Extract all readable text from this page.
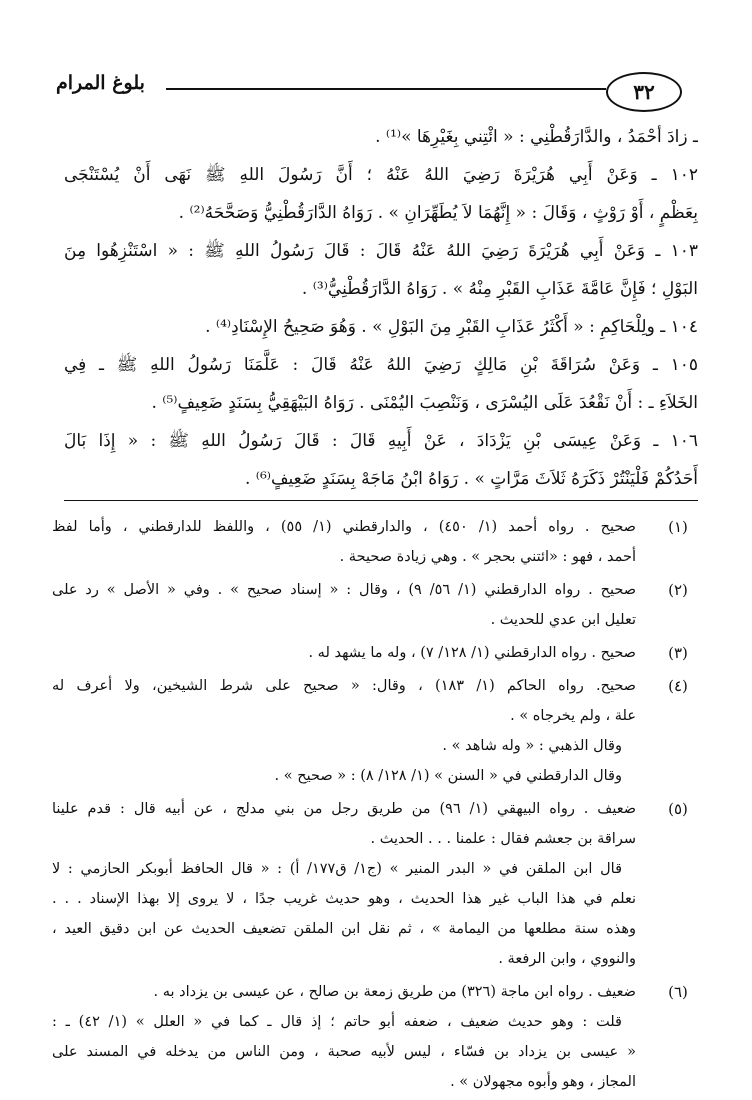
٣٢
بلوغ المرام
ـ زادَ أحْمَدُ ، والدَّارَقُطْنِي : « ائْتِني بِغَيْرِهَا »⁽¹⁾ .
١٠٢ ـ وَعَنْ أَبِي هُرَيْرَةَ رَضِيَ اللهُ عَنْهُ ؛ أَنَّ رَسُولَ اللهِ ﷺ نَهَى أَنْ يُسْتَنْجَى
بِعَظْمٍ ، أَوْ رَوْثٍ ، وَقَالَ : « إِنَّهُمَا لاَ يُطَهِّرَانِ » . رَوَاهُ الدَّارَقُطْنِيُّ وَصَحَّحَهُ⁽²⁾ .
١٠٣ ـ وَعَنْ أَبِي هُرَيْرَةَ رَضِيَ اللهُ عَنْهُ قَالَ : قَالَ رَسُولُ اللهِ ﷺ : « اسْتَنْزِهُوا مِنَ
البَوْلِ ؛ فَإِنَّ عَامَّةَ عَذَابِ القَبْرِ مِنْهُ » . رَوَاهُ الدَّارَقُطْنِيُّ⁽³⁾ .
١٠٤ ـ ولِلْحَاكِمِ : « أَكْثَرُ عَذَابِ القَبْرِ مِنَ البَوْلِ » . وَهُوَ صَحِيحُ الإِسْنَادِ⁽⁴⁾ .
١٠٥ ـ وَعَنْ سُرَاقَةَ بْنِ مَالِكٍ رَضِيَ اللهُ عَنْهُ قَالَ : عَلَّمَنَا رَسُولُ اللهِ ﷺ ـ فِي
الخَلاَءِ ـ : أَنْ نَقْعُدَ عَلَى اليُسْرَى ، وَنَنْصِبَ اليُمْنَى . رَوَاهُ البَيْهَقِيُّ بِسَنَدٍ ضَعِيفٍ⁽⁵⁾ .
١٠٦ ـ وَعَنْ عِيسَى بْنِ يَزْدَادَ ، عَنْ أَبِيهِ قَالَ : قَالَ رَسُولُ اللهِ ﷺ : « إِذَا بَالَ
أَحَدُكُمْ فَلْيَنْتُرْ ذَكَرَهُ ثَلاَثَ مَرَّاتٍ » . رَوَاهُ ابْنُ مَاجَهْ بِسَنَدٍ ضَعِيفٍ⁽⁶⁾ .
(١)
صحيح . رواه أحمد (١/ ٤٥٠) ، والدارقطني (١/ ٥٥) ، واللفظ للدارقطني ، وأما لفظ
أحمد ، فهو : «ائتني بحجر » . وهي زيادة صحيحة .
(٢)
صحيح . رواه الدارقطني (١/ ٥٦/ ٩) ، وقال : « إسناد صحيح » . وفي « الأصل » رد على
تعليل ابن عدي للحديث .
(٣)
صحيح . رواه الدارقطني (١/ ١٢٨/ ٧) ، وله ما يشهد له .
(٤)
صحيح. رواه الحاكم (١/ ١٨٣) ، وقال: « صحيح على شرط الشيخين، ولا أعرف له
علة ، ولم يخرجاه » .
وقال الذهبي : « وله شاهد » .
وقال الدارقطني في « السنن » (١/ ١٢٨/ ٨) : « صحيح » .
(٥)
ضعيف . رواه البيهقي (١/ ٩٦) من طريق رجل من بني مدلج ، عن أبيه قال : قدم علينا
سراقة بن جعشم فقال : علمنا . . . الحديث .
قال ابن الملقن في « البدر المنير » (ج١/ ق١٧٧/ أ) : « قال الحافظ أبوبكر الحازمي : لا
نعلم في هذا الباب غير هذا الحديث ، وهو حديث غريب جدًا ، لا يروى إلا بهذا الإسناد . . .
وهذه سنة مطلعها من اليمامة » ، ثم نقل ابن الملقن تضعيف الحديث عن ابن دقيق العيد ،
والنووي ، وابن الرفعة .
(٦)
ضعيف . رواه ابن ماجة (٣٢٦) من طريق زمعة بن صالح ، عن عيسى بن يزداد به .
قلت : وهو حديث ضعيف ، ضعفه أبو حاتم ؛ إذ قال ـ كما في « العلل » (١/ ٤٢) ـ :
« عيسى بن يزداد بن فسّاء ، ليس لأبيه صحبة ، ومن الناس من يدخله في المسند على
المجاز ، وهو وأبوه مجهولان » .
